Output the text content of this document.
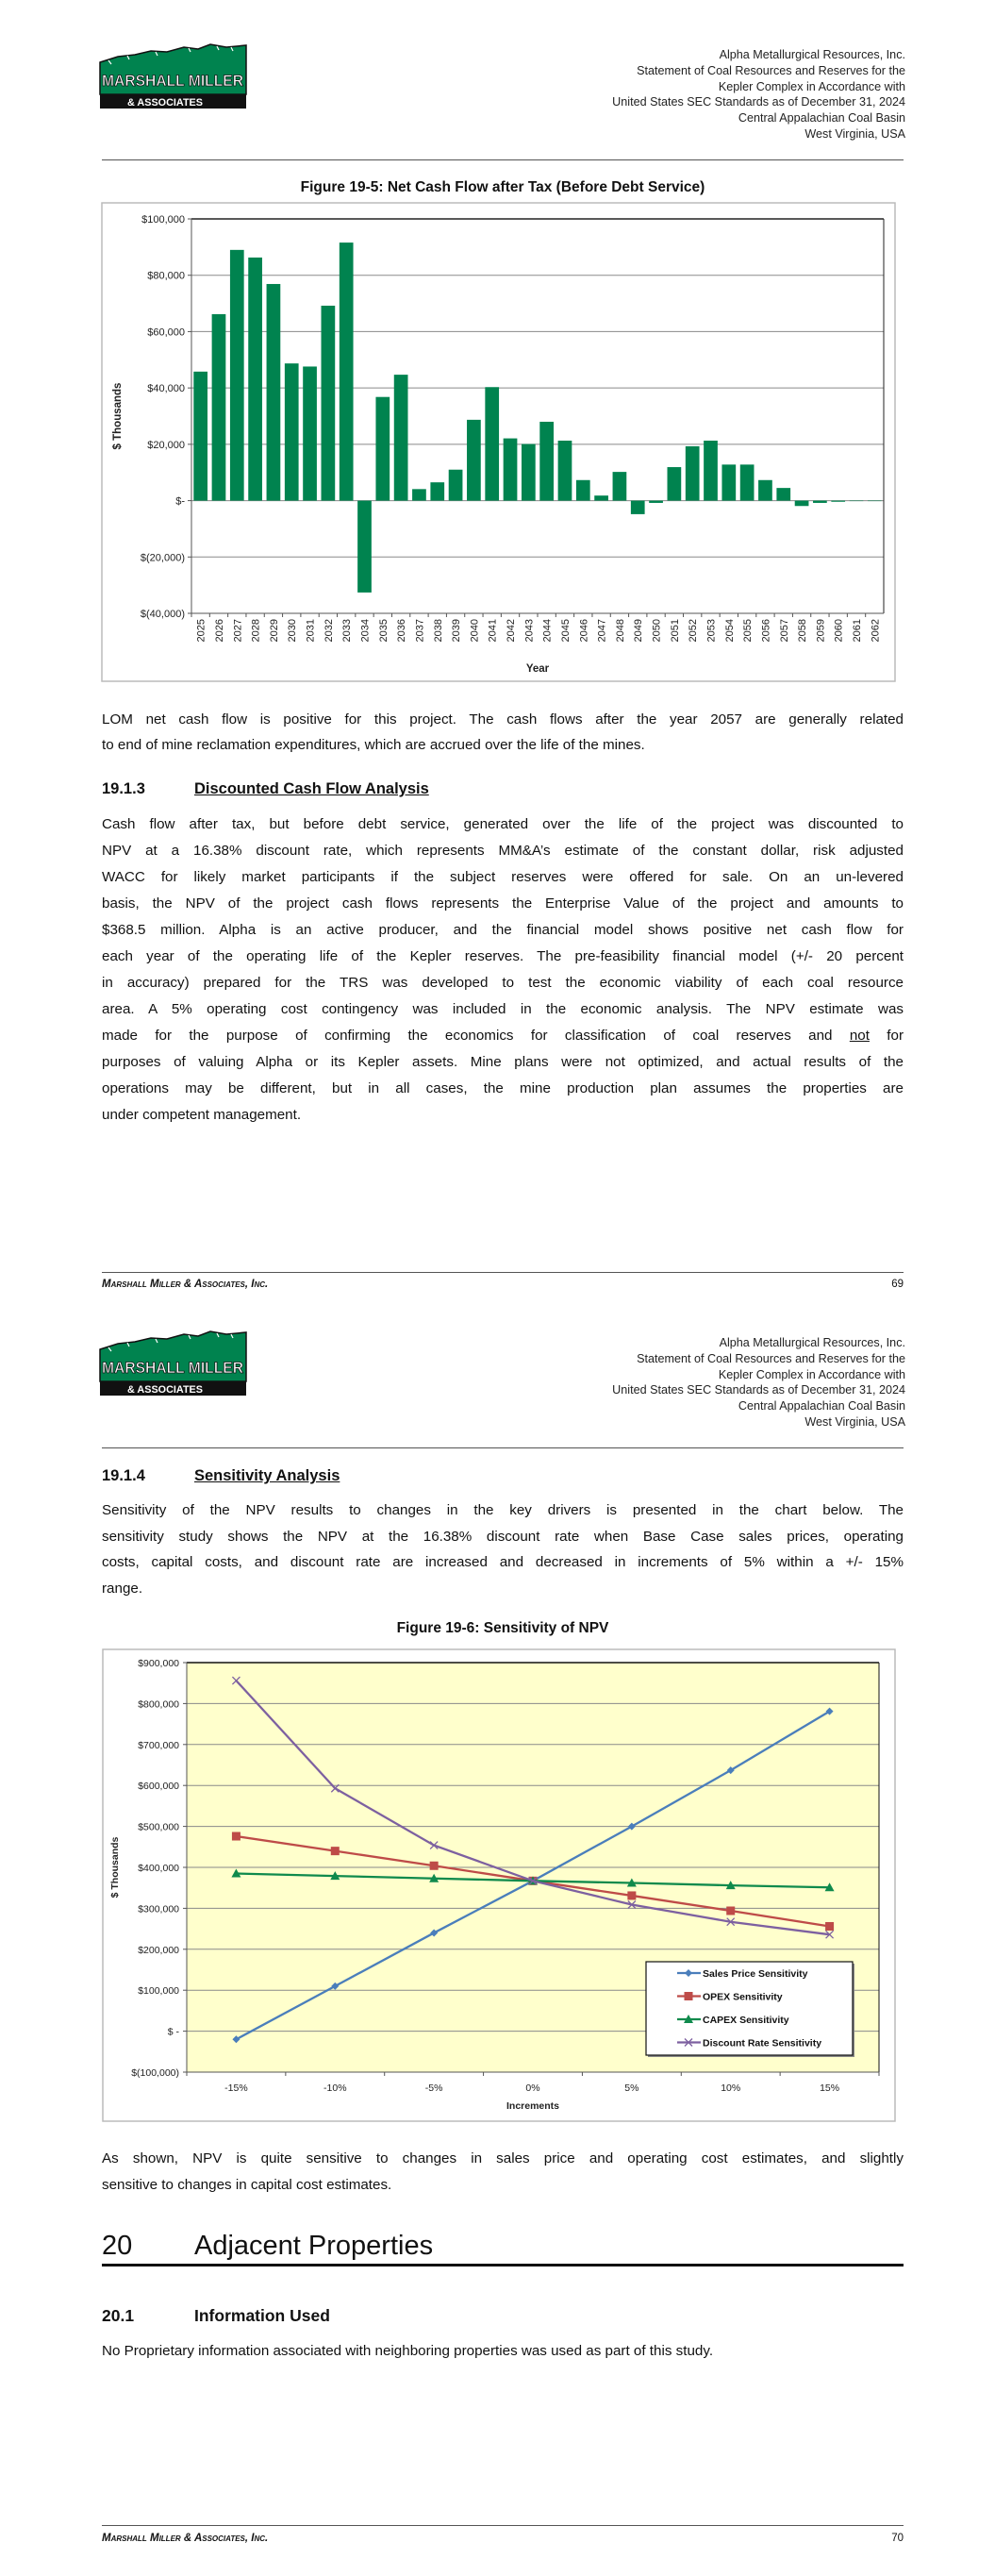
MARSHALL MILLER
& ASSOCIATES
Alpha Metallurgical Resources, Inc.
Statement of Coal Resources and Reserves for the
Kepler Complex in Accordance with
United States SEC Standards as of December 31, 2024
Central Appalachian Coal Basin
West Virginia, USA
Figure 19-5: Net Cash Flow after Tax (Before Debt Service)
$100,000
$80,000
$60,000
$40,000
$20,000
$-
$(20,000)
$(40,000)
2025 2026 2027 2028 2029 2030 2031 2032 2033 2034 2035 2036 2037 2038 2039 2040 2041 2042 2043 2044 2045 2046 2047 2048 2049 2050 2051 2052 2053 2054 2055 2056 2057 2058 2059 2060 2061 2062
Year
$ Thousands
LOM net cash flow is positive for this project. The cash flows after the year 2057 are generally related
to end of mine reclamation expenditures, which are accrued over the life of the mines.
19.1.3	Discounted Cash Flow Analysis
Cash flow after tax, but before debt service, generated over the life of the project was discounted to
NPV at a 16.38% discount rate, which represents MM&A’s estimate of the constant dollar, risk adjusted
WACC for likely market participants if the subject reserves were offered for sale. On an un-levered
basis, the NPV of the project cash flows represents the Enterprise Value of the project and amounts to
$368.5 million. Alpha is an active producer, and the financial model shows positive net cash flow for
each year of the operating life of the Kepler reserves. The pre-feasibility financial model (+/- 20 percent
in accuracy) prepared for the TRS was developed to test the economic viability of each coal resource
area. A 5% operating cost contingency was included in the economic analysis. The NPV estimate was
made for the purpose of confirming the economics for classification of coal reserves and not for
purposes of valuing Alpha or its Kepler assets. Mine plans were not optimized, and actual results of the
operations may be different, but in all cases, the mine production plan assumes the properties are
under competent management.
Marshall Miller & Associates, Inc.	69
MARSHALL MILLER
& ASSOCIATES
Alpha Metallurgical Resources, Inc.
Statement of Coal Resources and Reserves for the
Kepler Complex in Accordance with
United States SEC Standards as of December 31, 2024
Central Appalachian Coal Basin
West Virginia, USA
19.1.4	Sensitivity Analysis
Sensitivity of the NPV results to changes in the key drivers is presented in the chart below. The
sensitivity study shows the NPV at the 16.38% discount rate when Base Case sales prices, operating
costs, capital costs, and discount rate are increased and decreased in increments of 5% within a +/- 15%
range.
Figure 19-6: Sensitivity of NPV
$900,000
$800,000
$700,000
$600,000
$500,000
$400,000
$300,000
$200,000
$100,000
$ -
$(100,000)
-15%	-10%	-5%	0%	5%	10%	15%
Increments
$ Thousands
Sales Price Sensitivity
OPEX Sensitivity
CAPEX Sensitivity
Discount Rate Sensitivity
As shown, NPV is quite sensitive to changes in sales price and operating cost estimates, and slightly
sensitive to changes in capital cost estimates.
20 Adjacent Properties
20.1	Information Used
No Proprietary information associated with neighboring properties was used as part of this study.
Marshall Miller & Associates, Inc.	70
